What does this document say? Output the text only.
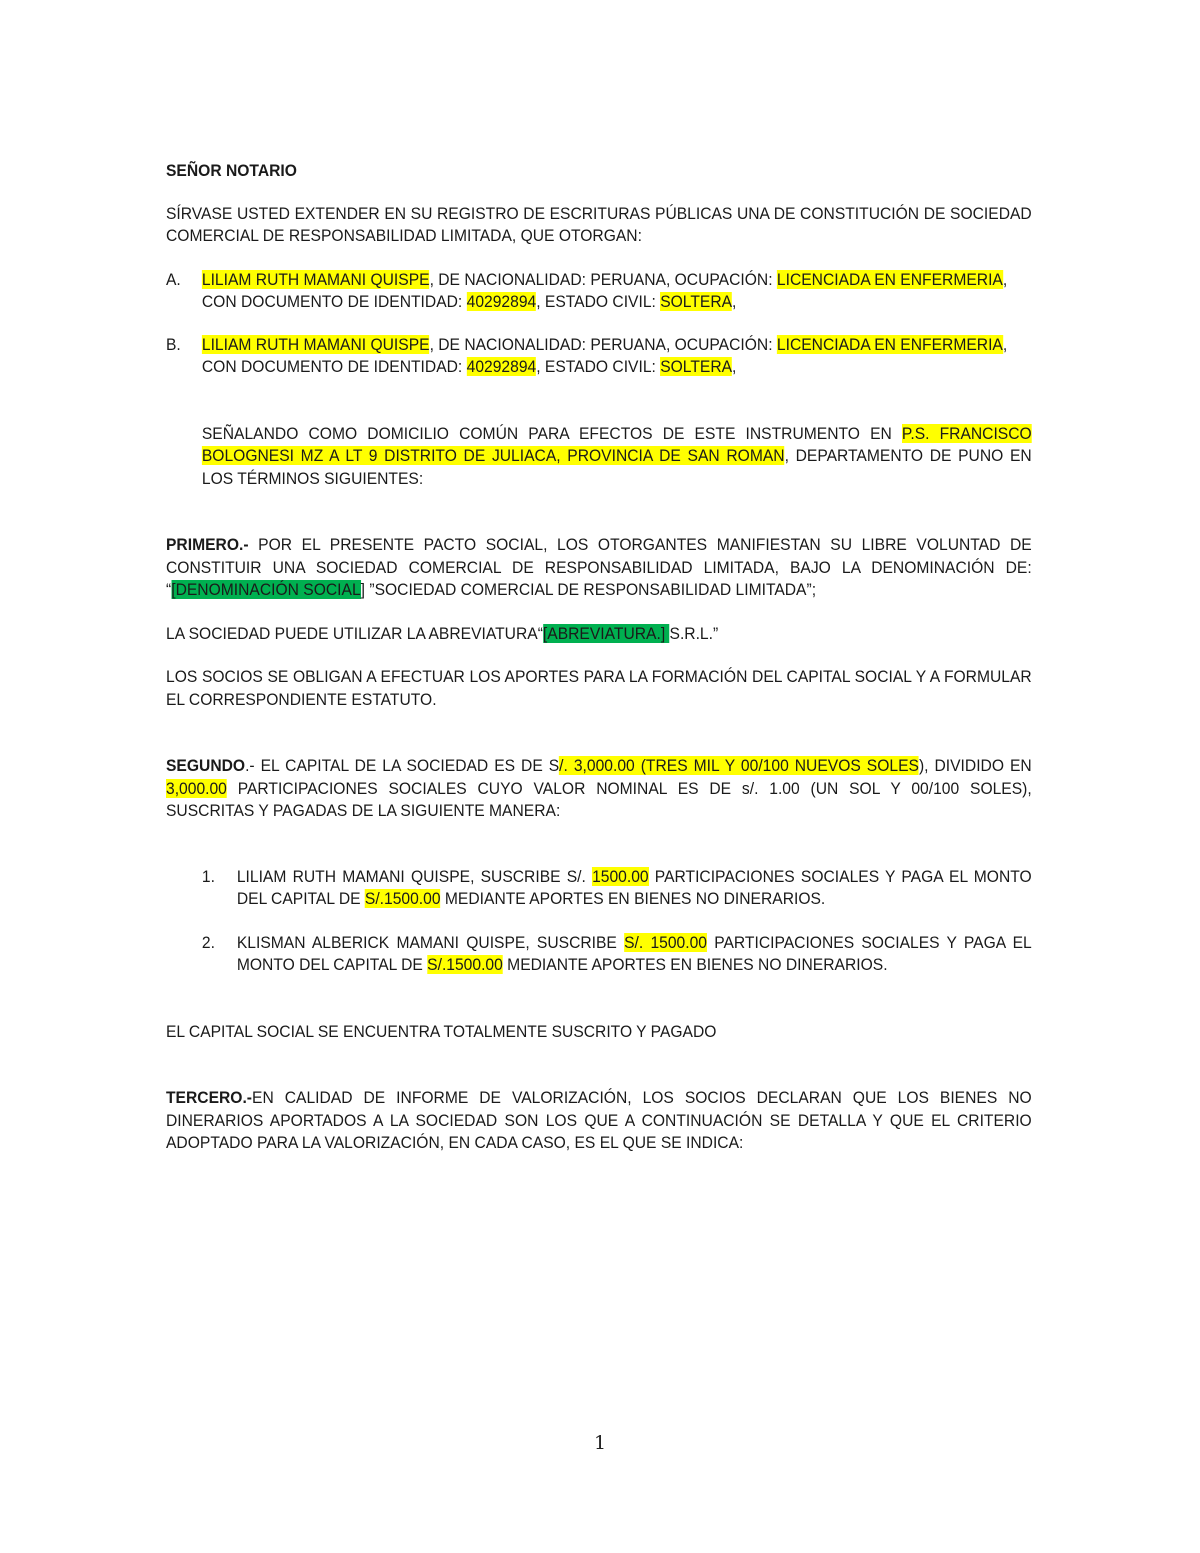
SEÑOR NOTARIO

SÍRVASE USTED EXTENDER EN SU REGISTRO DE ESCRITURAS PÚBLICAS UNA DE CONSTITUCIÓN DE SOCIEDAD COMERCIAL DE RESPONSABILIDAD LIMITADA, QUE OTORGAN:

A.	LILIAM RUTH MAMANI QUISPE, DE NACIONALIDAD: PERUANA, OCUPACIÓN: LICENCIADA EN ENFERMERIA, CON DOCUMENTO DE IDENTIDAD: 40292894, ESTADO CIVIL: SOLTERA,

B.	LILIAM RUTH MAMANI QUISPE, DE NACIONALIDAD: PERUANA, OCUPACIÓN: LICENCIADA EN ENFERMERIA, CON DOCUMENTO DE IDENTIDAD: 40292894, ESTADO CIVIL: SOLTERA,

SEÑALANDO COMO DOMICILIO COMÚN PARA EFECTOS DE ESTE INSTRUMENTO EN P.S. FRANCISCO BOLOGNESI MZ A LT 9 DISTRITO DE JULIACA, PROVINCIA DE SAN ROMAN, DEPARTAMENTO DE PUNO EN LOS TÉRMINOS SIGUIENTES:

PRIMERO.- POR EL PRESENTE PACTO SOCIAL, LOS OTORGANTES MANIFIESTAN SU LIBRE VOLUNTAD DE CONSTITUIR UNA SOCIEDAD COMERCIAL DE RESPONSABILIDAD LIMITADA, BAJO LA DENOMINACIÓN DE: “[DENOMINACIÓN SOCIAL] ”SOCIEDAD COMERCIAL DE RESPONSABILIDAD LIMITADA”;

LA SOCIEDAD PUEDE UTILIZAR LA ABREVIATURA“[ABREVIATURA.] S.R.L.”

LOS SOCIOS SE OBLIGAN A EFECTUAR LOS APORTES PARA LA FORMACIÓN DEL CAPITAL SOCIAL Y A FORMULAR EL CORRESPONDIENTE ESTATUTO.

SEGUNDO.- EL CAPITAL DE LA SOCIEDAD ES DE S/. 3,000.00 (TRES MIL Y 00/100 NUEVOS SOLES), DIVIDIDO EN 3,000.00 PARTICIPACIONES SOCIALES CUYO VALOR NOMINAL ES DE s/. 1.00 (UN SOL Y 00/100 SOLES), SUSCRITAS Y PAGADAS DE LA SIGUIENTE MANERA:

1.	LILIAM RUTH MAMANI QUISPE, SUSCRIBE S/. 1500.00 PARTICIPACIONES SOCIALES Y PAGA EL MONTO DEL CAPITAL DE S/.1500.00 MEDIANTE APORTES EN BIENES NO DINERARIOS.

2.	KLISMAN ALBERICK MAMANI QUISPE, SUSCRIBE S/. 1500.00 PARTICIPACIONES SOCIALES Y PAGA EL MONTO DEL CAPITAL DE S/.1500.00 MEDIANTE APORTES EN BIENES NO DINERARIOS.

EL CAPITAL SOCIAL SE ENCUENTRA TOTALMENTE SUSCRITO Y PAGADO

TERCERO.-EN CALIDAD DE INFORME DE VALORIZACIÓN, LOS SOCIOS DECLARAN QUE LOS BIENES NO DINERARIOS APORTADOS A LA SOCIEDAD SON LOS QUE A CONTINUACIÓN SE DETALLA Y QUE EL CRITERIO ADOPTADO PARA LA VALORIZACIÓN, EN CADA CASO, ES EL QUE SE INDICA:

1
